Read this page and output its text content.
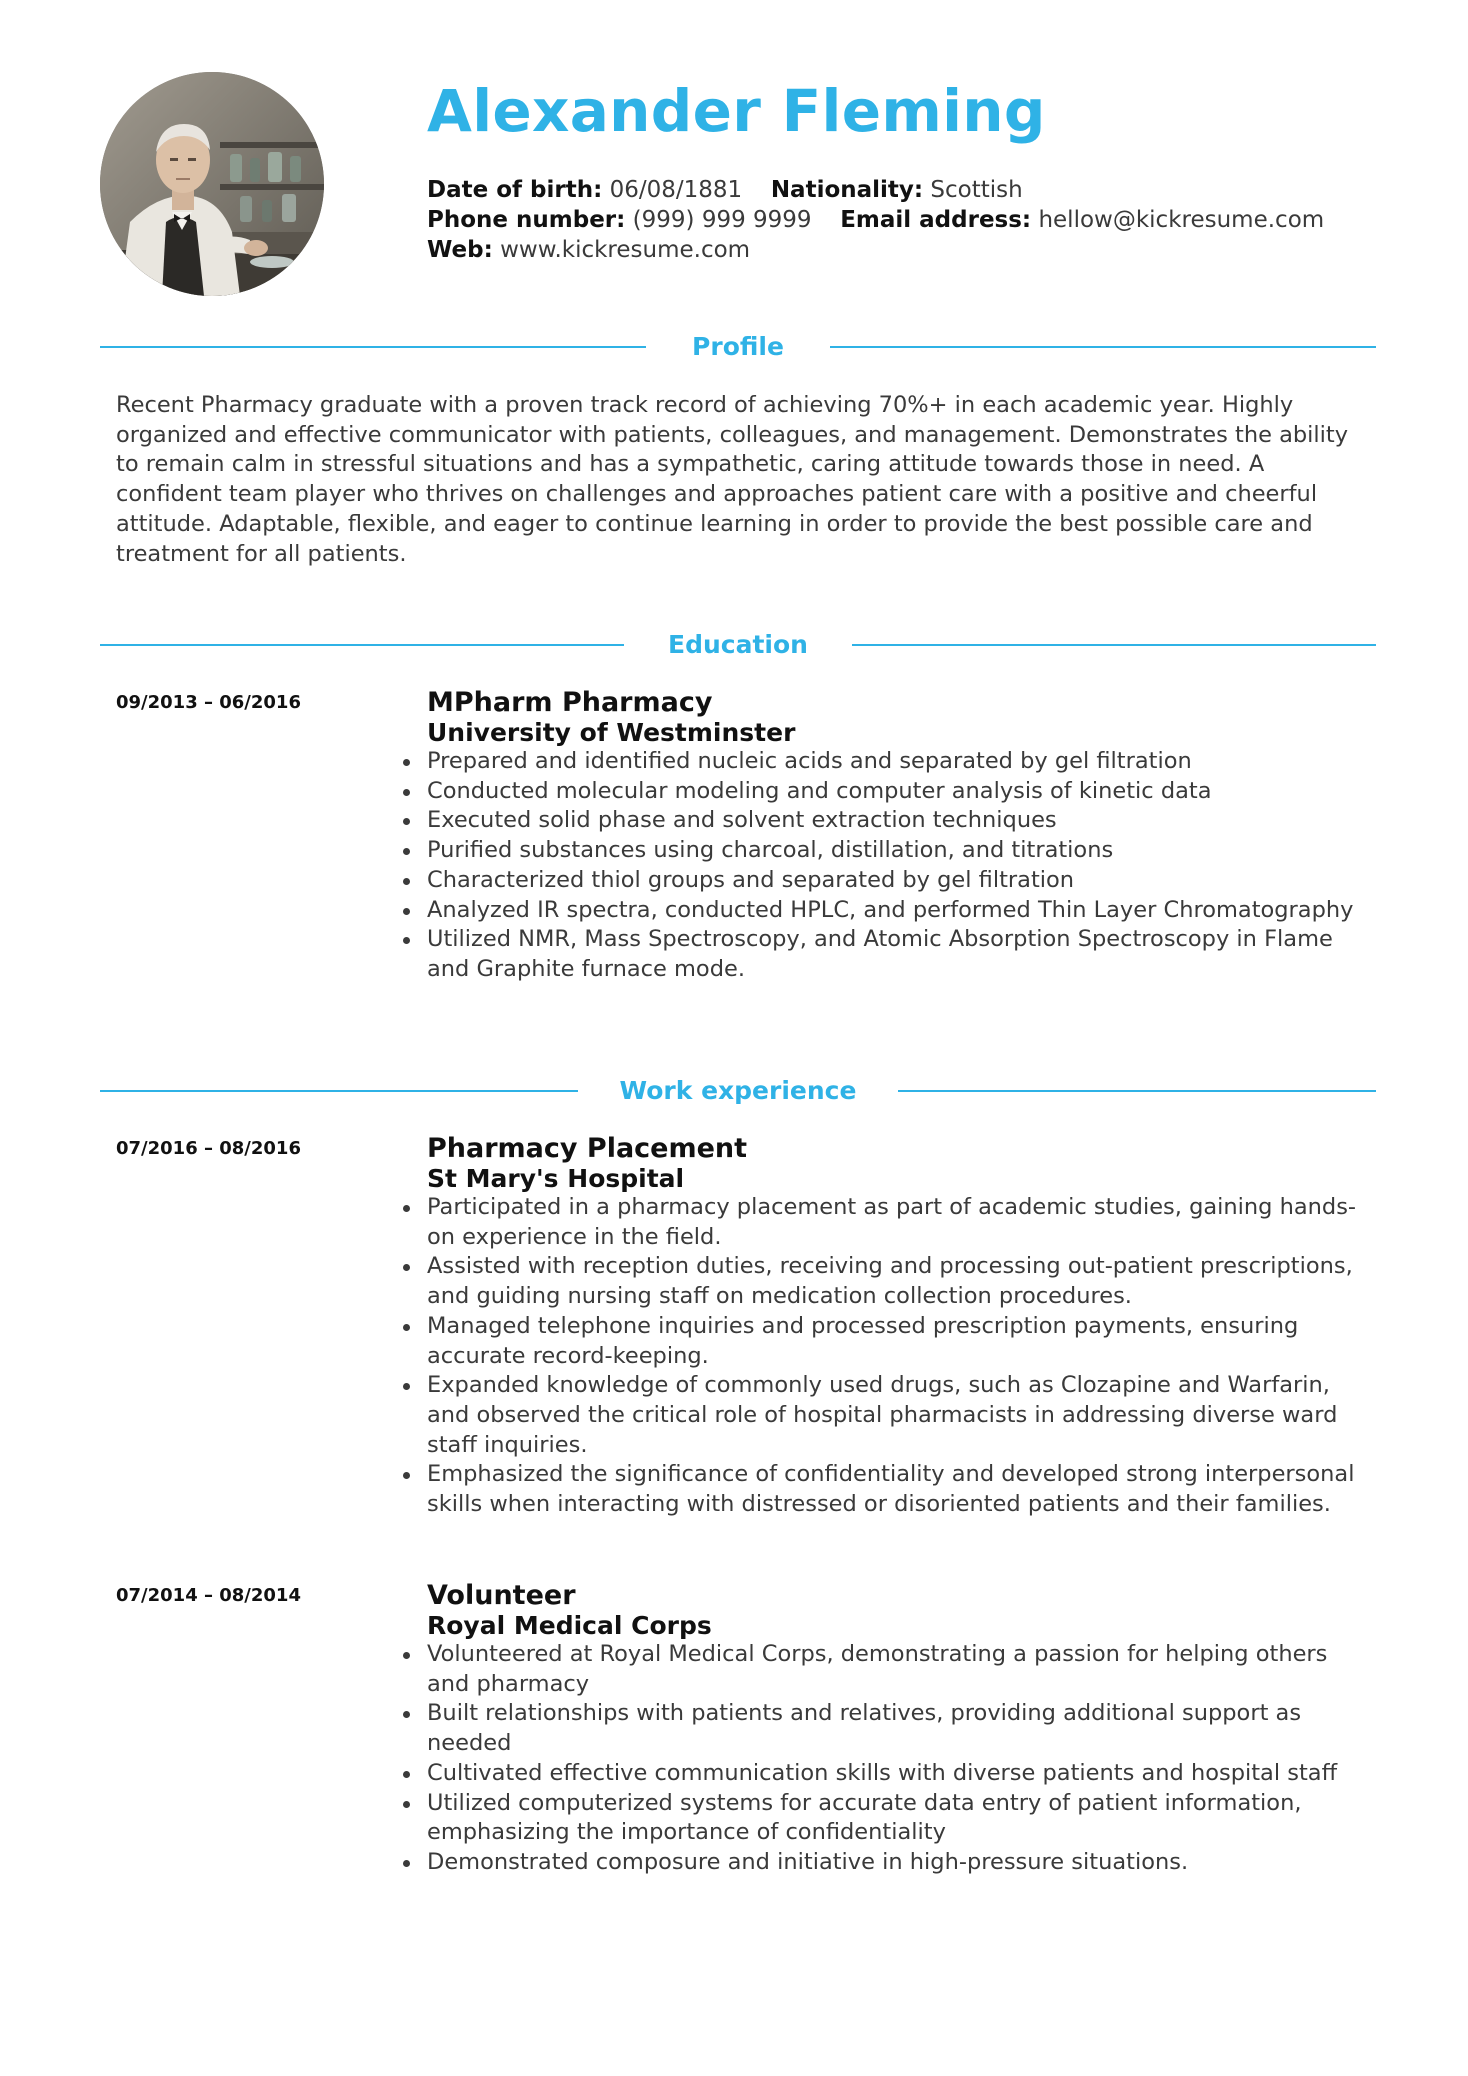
Alexander Fleming
Date of birth: 06/08/1881 Nationality: Scottish
Phone number: (999) 999 9999 Email address: hellow@kickresume.com
Web: www.kickresume.com
Profile
Recent Pharmacy graduate with a proven track record of achieving 70%+ in each academic year. Highly organized and effective communicator with patients, colleagues, and management. Demonstrates the ability to remain calm in stressful situations and has a sympathetic, caring attitude towards those in need. A confident team player who thrives on challenges and approaches patient care with a positive and cheerful attitude. Adaptable, flexible, and eager to continue learning in order to provide the best possible care and treatment for all patients.
Education
09/2013 – 06/2016	MPharm Pharmacy
University of Westminster
Prepared and identified nucleic acids and separated by gel filtration
Conducted molecular modeling and computer analysis of kinetic data
Executed solid phase and solvent extraction techniques
Purified substances using charcoal, distillation, and titrations
Characterized thiol groups and separated by gel filtration
Analyzed IR spectra, conducted HPLC, and performed Thin Layer Chromatography
Utilized NMR, Mass Spectroscopy, and Atomic Absorption Spectroscopy in Flame and Graphite furnace mode.
Work experience
07/2016 – 08/2016	Pharmacy Placement
St Mary's Hospital
Participated in a pharmacy placement as part of academic studies, gaining hands-on experience in the field.
Assisted with reception duties, receiving and processing out-patient prescriptions, and guiding nursing staff on medication collection procedures.
Managed telephone inquiries and processed prescription payments, ensuring accurate record-keeping.
Expanded knowledge of commonly used drugs, such as Clozapine and Warfarin, and observed the critical role of hospital pharmacists in addressing diverse ward staff inquiries.
Emphasized the significance of confidentiality and developed strong interpersonal skills when interacting with distressed or disoriented patients and their families.
07/2014 – 08/2014	Volunteer
Royal Medical Corps
Volunteered at Royal Medical Corps, demonstrating a passion for helping others and pharmacy
Built relationships with patients and relatives, providing additional support as needed
Cultivated effective communication skills with diverse patients and hospital staff
Utilized computerized systems for accurate data entry of patient information, emphasizing the importance of confidentiality
Demonstrated composure and initiative in high-pressure situations.
